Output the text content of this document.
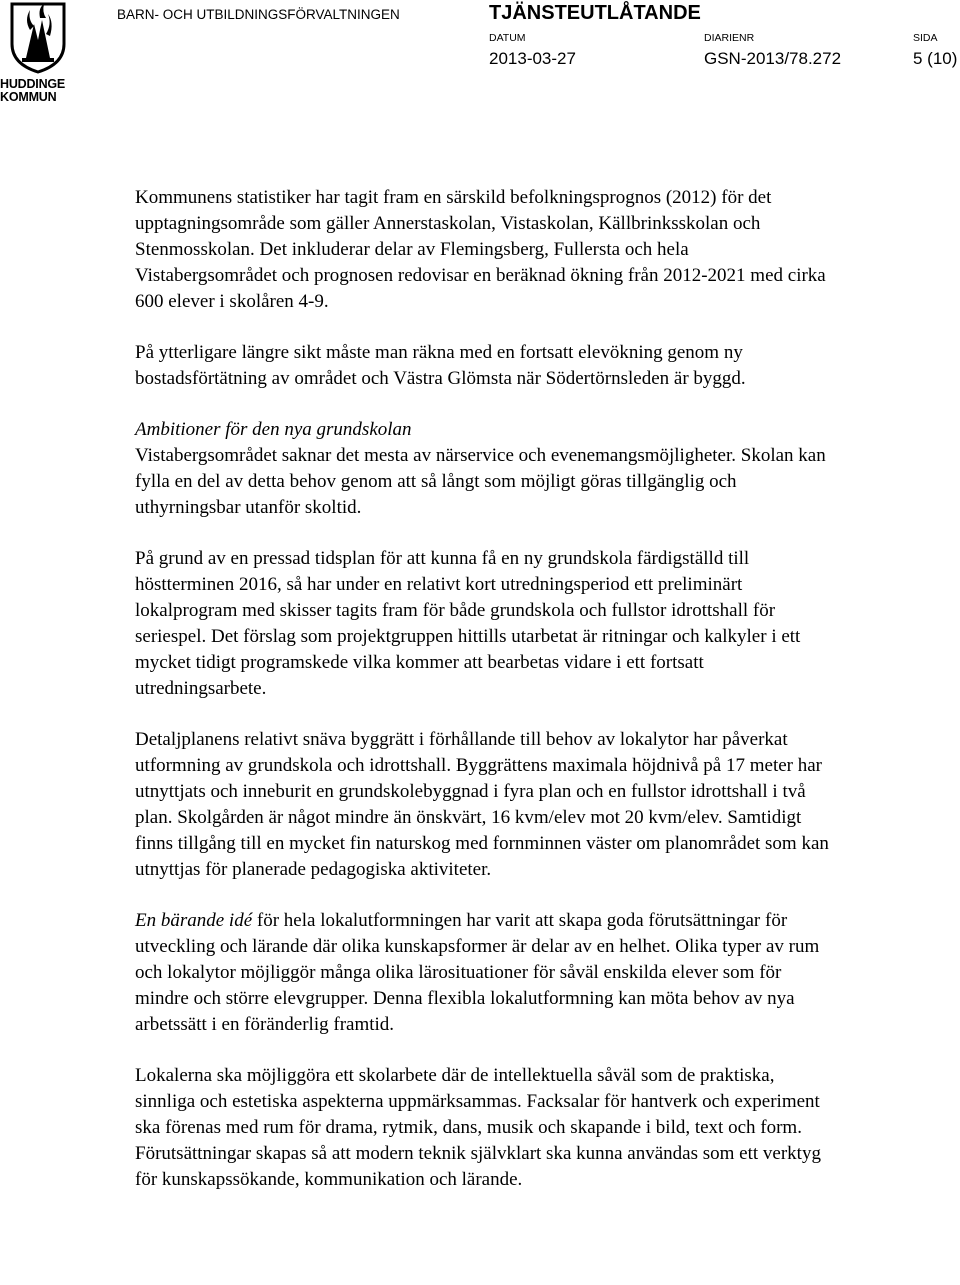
HUDDINGE
KOMMUN
BARN- OCH UTBILDNINGSFÖRVALTNINGEN	TJÄNSTEUTLÅTANDE
DATUM	DIARIENR	SIDA
2013-03-27	GSN-2013/78.272	5 (10)

Kommunens statistiker har tagit fram en särskild befolkningsprognos (2012) för det upptagningsområde som gäller Annerstaskolan, Vistaskolan, Källbrinksskolan och Stenmosskolan. Det inkluderar delar av Flemingsberg, Fullersta och hela Vistabergsområdet och prognosen redovisar en beräknad ökning från 2012-2021 med cirka 600 elever i skolåren 4-9.

På ytterligare längre sikt måste man räkna med en fortsatt elevökning genom ny bostadsförtätning av området och Västra Glömsta när Södertörnsleden är byggd.

Ambitioner för den nya grundskolan
Vistabergsområdet saknar det mesta av närservice och evenemangsmöjligheter. Skolan kan fylla en del av detta behov genom att så långt som möjligt göras tillgänglig och uthyrningsbar utanför skoltid.

På grund av en pressad tidsplan för att kunna få en ny grundskola färdigställd till höstterminen 2016, så har under en relativt kort utredningsperiod ett preliminärt lokalprogram med skisser tagits fram för både grundskola och fullstor idrottshall för seriespel. Det förslag som projektgruppen hittills utarbetat är ritningar och kalkyler i ett mycket tidigt programskede vilka kommer att bearbetas vidare i ett fortsatt utredningsarbete.

Detaljplanens relativt snäva byggrätt i förhållande till behov av lokalytor har påverkat utformning av grundskola och idrottshall. Byggrättens maximala höjdnivå på 17 meter har utnyttjats och inneburit en grundskolebyggnad i fyra plan och en fullstor idrottshall i två plan. Skolgården är något mindre än önskvärt, 16 kvm/elev mot 20 kvm/elev. Samtidigt finns tillgång till en mycket fin naturskog med fornminnen väster om planområdet som kan utnyttjas för planerade pedagogiska aktiviteter.

En bärande idé för hela lokalutformningen har varit att skapa goda förutsättningar för utveckling och lärande där olika kunskapsformer är delar av en helhet. Olika typer av rum och lokalytor möjliggör många olika lärosituationer för såväl enskilda elever som för mindre och större elevgrupper. Denna flexibla lokalutformning kan möta behov av nya arbetssätt i en föränderlig framtid.

Lokalerna ska möjliggöra ett skolarbete där de intellektuella såväl som de praktiska, sinnliga och estetiska aspekterna uppmärksammas. Facksalar för hantverk och experiment ska förenas med rum för drama, rytmik, dans, musik och skapande i bild, text och form. Förutsättningar skapas så att modern teknik självklart ska kunna användas som ett verktyg för kunskapssökande, kommunikation och lärande.
